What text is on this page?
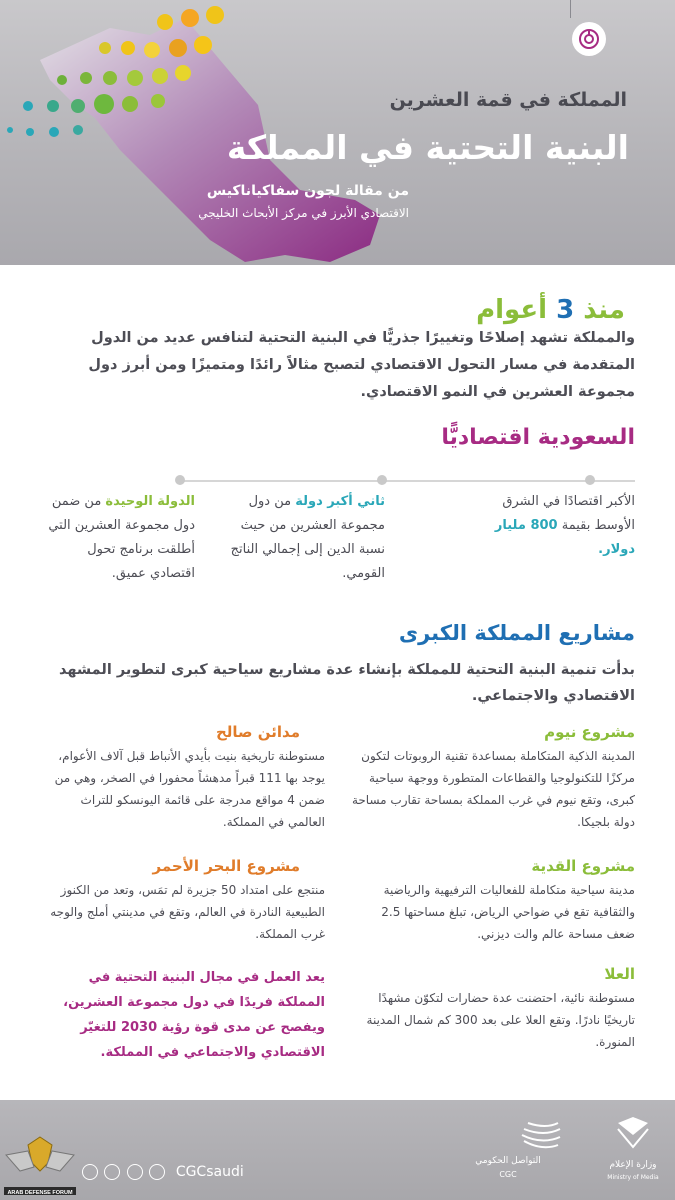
المملكة في قمة العشرين
البنية التحتية في المملكة
من مقالة لجون سفاكياناكيس
الاقتصادي الأبرز في مركز الأبحاث الخليجي
منذ 3 أعوام
والمملكة تشهد إصلاحًا وتغييرًا جذريًّا في البنية التحتية لتنافس عديد من الدول المتقدمة في مسار التحول الاقتصادي لتصبح مثالاً رائدًا ومتميزًا ومن أبرز دول مجموعة العشرين في النمو الاقتصادي.
السعودية اقتصاديًّا
الأكبر اقتصادًا في الشرق الأوسط بقيمة 800 مليار دولار.
ثاني أكبر دولة من دول مجموعة العشرين من حيث نسبة الدين إلى إجمالي الناتج القومي.
الدولة الوحيدة من ضمن دول مجموعة العشرين التي أطلقت برنامج تحول اقتصادي عميق.
مشاريع المملكة الكبرى
بدأت تنمية البنية التحتية للمملكة بإنشاء عدة مشاريع سياحية كبرى لتطوير المشهد الاقتصادي والاجتماعي.
مشروع نيوم
المدينة الذكية المتكاملة بمساعدة تقنية الروبوتات لتكون مركزًا للتكنولوجيا والقطاعات المتطورة ووجهة سياحية كبرى، وتقع نيوم في غرب المملكة بمساحة تقارب مساحة دولة بلجيكا.
مشروع القدية
مدينة سياحية متكاملة للفعاليات الترفيهية والرياضية والثقافية تقع في ضواحي الرياض، تبلغ مساحتها 2.5 ضعف مساحة عالم والت ديزني.
العلا
مستوطنة نائية، احتضنت عدة حضارات لتكوّن مشهدًا تاريخيًا نادرًا. وتقع العلا على بعد 300 كم شمال المدينة المنورة.
مدائن صالح
مستوطنة تاريخية بنيت بأيدي الأنباط قبل آلاف الأعوام، يوجد بها 111 قبراً مدهشاً محفورا في الصخر، وهي من ضمن 4 مواقع مدرجة على قائمة اليونسكو للتراث العالمي في المملكة.
مشروع البحر الأحمر
منتجع على امتداد 50 جزيرة لم تمَس، وتعد من الكنوز الطبيعية النادرة في العالم، وتقع في مدينتي أملج والوجه غرب المملكة.
يعد العمل في مجال البنية التحتية في المملكة فريدًا في دول مجموعة العشرين، ويفصح عن مدى قوة رؤية 2030 للتغيّر الاقتصادي والاجتماعي في المملكة.
ARAB DEFENSE FORUM
CGCsaudi
التواصل الحكومي
CGC
وزارة الإعلام
Ministry of Media
